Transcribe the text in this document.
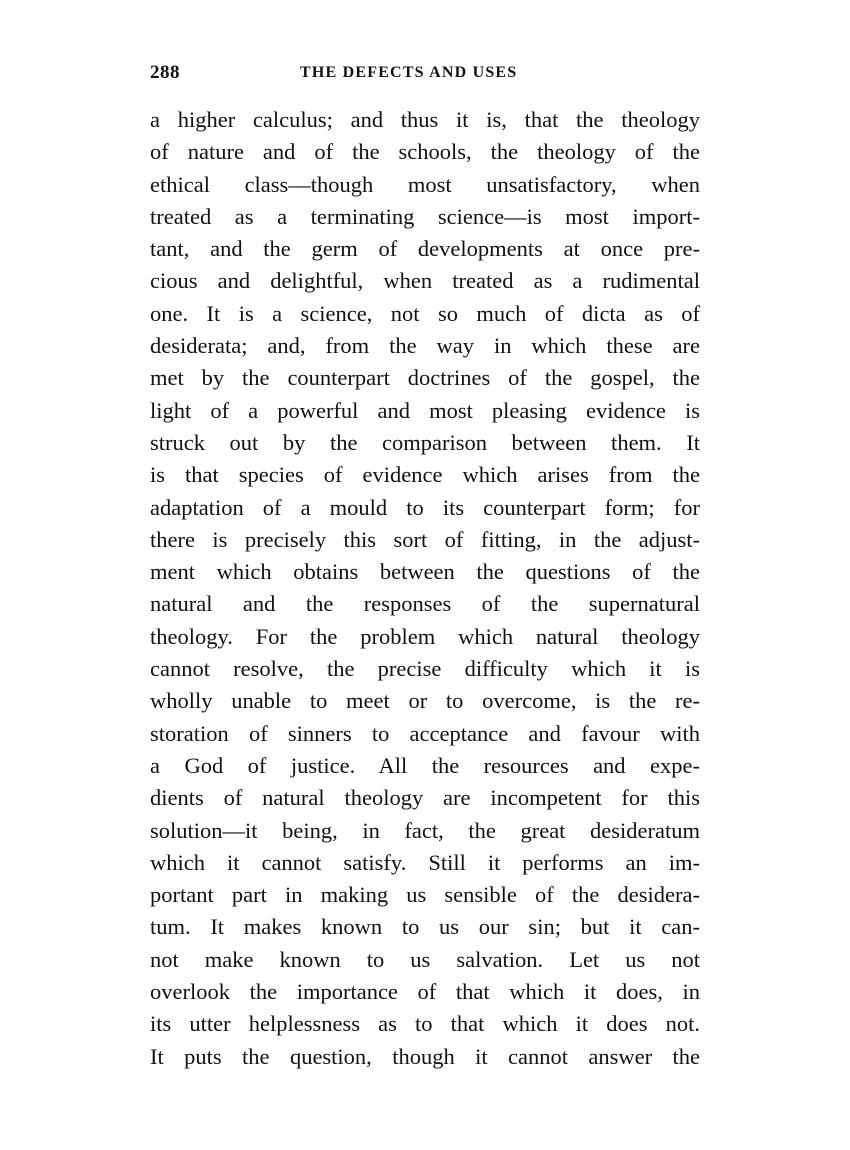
288	THE DEFECTS AND USES
a higher calculus; and thus it is, that the theology
of nature and of the schools, the theology of the
ethical class—though most unsatisfactory, when
treated as a terminating science—is most import-
tant, and the germ of developments at once pre-
cious and delightful, when treated as a rudimental
one. It is a science, not so much of dicta as of
desiderata; and, from the way in which these are
met by the counterpart doctrines of the gospel, the
light of a powerful and most pleasing evidence is
struck out by the comparison between them. It
is that species of evidence which arises from the
adaptation of a mould to its counterpart form; for
there is precisely this sort of fitting, in the adjust-
ment which obtains between the questions of the
natural and the responses of the supernatural
theology. For the problem which natural theology
cannot resolve, the precise difficulty which it is
wholly unable to meet or to overcome, is the re-
storation of sinners to acceptance and favour with
a God of justice. All the resources and expe-
dients of natural theology are incompetent for this
solution—it being, in fact, the great desideratum
which it cannot satisfy. Still it performs an im-
portant part in making us sensible of the desidera-
tum. It makes known to us our sin; but it can-
not make known to us salvation. Let us not
overlook the importance of that which it does, in
its utter helplessness as to that which it does not.
It puts the question, though it cannot answer the
